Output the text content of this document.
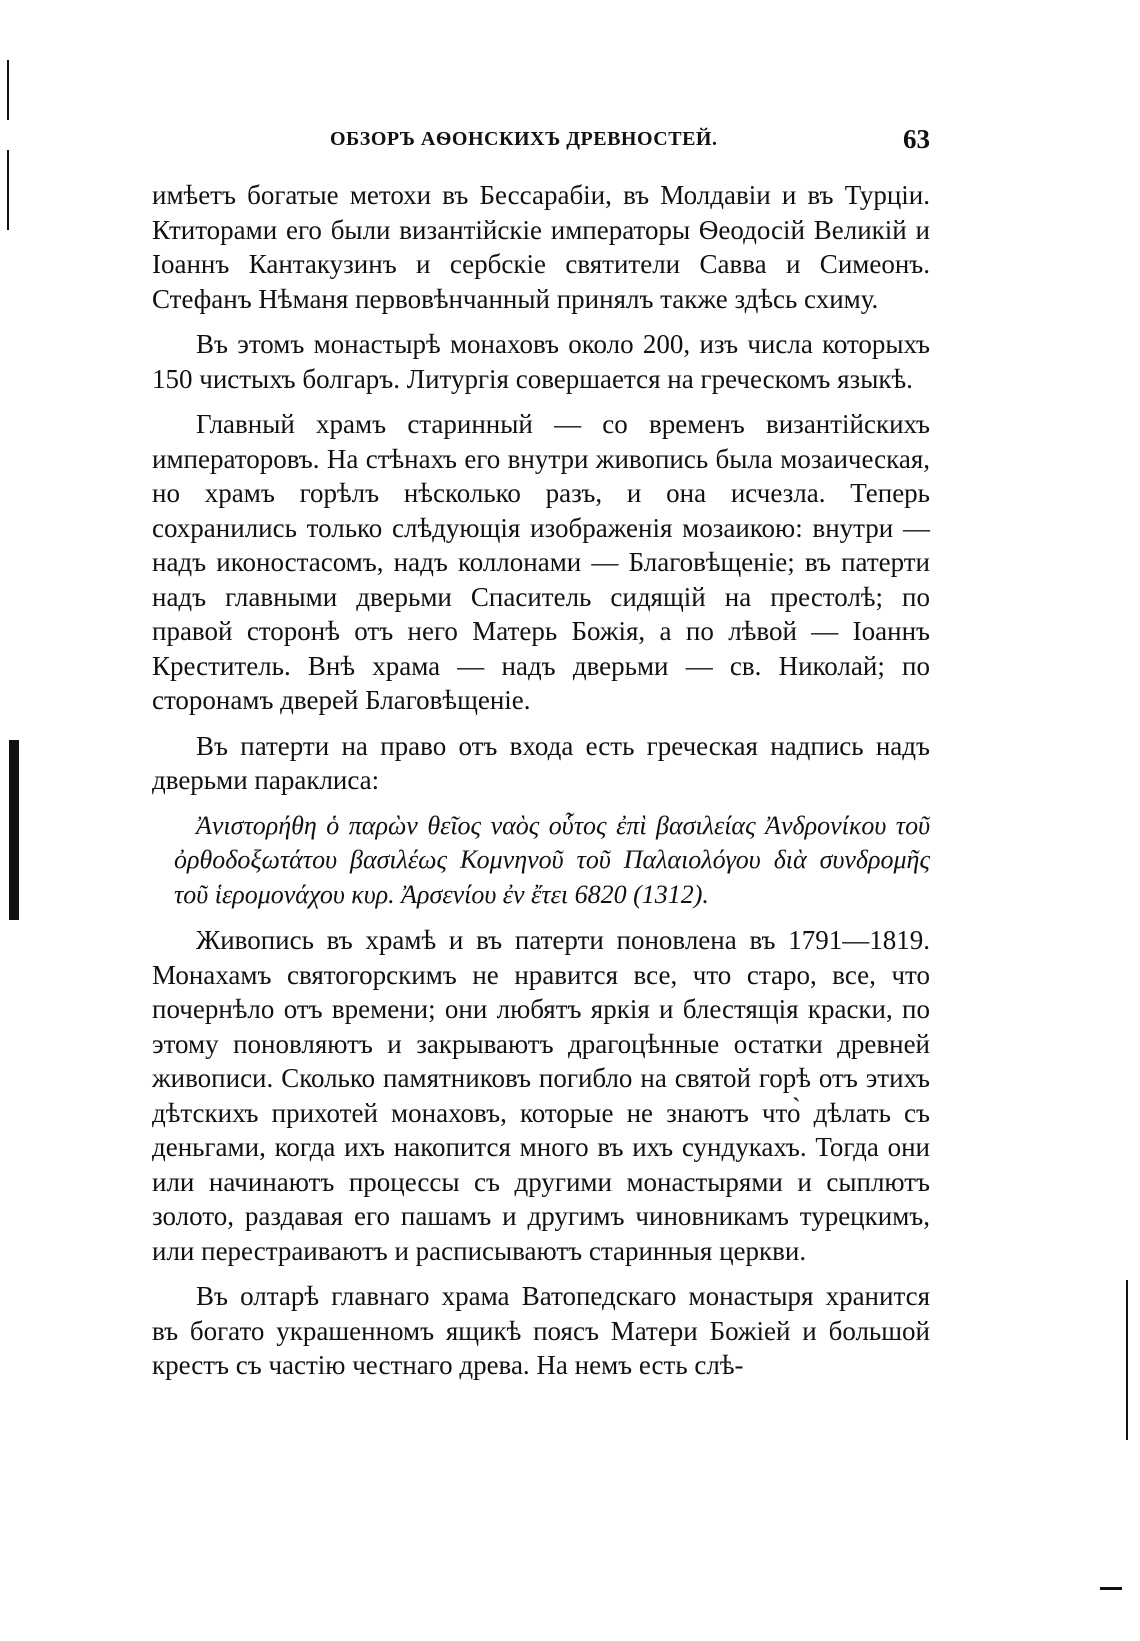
ОБЗОРЪ АѲОНСКИХЪ ДРЕВНОСТЕЙ.	63

имѣетъ богатые метохи въ Бессарабіи, въ Молдавіи и въ Турціи. Ктиторами его были византійскіе императоры Ѳеодосій Великій и Іоаннъ Кантакузинъ и сербскіе святители Савва и Симеонъ. Стефанъ Нѣманя первовѣнчанный принялъ также здѣсь схиму.

Въ этомъ монастырѣ монаховъ около 200, изъ числа которыхъ 150 чистыхъ болгаръ. Литургія совершается на греческомъ языкѣ.

Главный храмъ старинный — со временъ византійскихъ императоровъ. На стѣнахъ его внутри живопись была мозаическая, но храмъ горѣлъ нѣсколько разъ, и она исчезла. Теперь сохранились только слѣдующія изображенія мозаикою: внутри — надъ иконостасомъ, надъ коллонами — Благовѣщеніе; въ патерти надъ главными дверьми Спаситель сидящій на престолѣ; по правой сторонѣ отъ него Матерь Божія, а по лѣвой — Іоаннъ Креститель. Внѣ храма — надъ дверьми — св. Николай; по сторонамъ дверей Благовѣщеніе.

Въ патерти на право отъ входа есть греческая надпись надъ дверьми параклиса:

Ἀνιστορήθη ὁ παρὼν θεῖος ναὸς οὗτος ἐπὶ βασιλείας Ἀνδρονίκου τοῦ ὀρθοδοξωτάτου βασιλέως Κομνηνοῦ τοῦ Παλαιολόγου διὰ συνδρομῆς τοῦ ἱερομονάχου κυρ. Ἀρσενίου ἐν ἔτει 6820 (1312).

Живопись въ храмѣ и въ патерти поновлена въ 1791—1819. Монахамъ святогорскимъ не нравится все, что старо, все, что почернѣло отъ времени; они любятъ яркія и блестящія краски, по этому поновляютъ и закрываютъ драгоцѣнные остатки древней живописи. Сколько памятниковъ погибло на святой горѣ отъ этихъ дѣтскихъ прихотей монаховъ, которые не знаютъ что̀ дѣлать съ деньгами, когда ихъ накопится много въ ихъ сундукахъ. Тогда они или начинаютъ процессы съ другими монастырями и сыплютъ золото, раздавая его пашамъ и другимъ чиновникамъ турецкимъ, или перестраиваютъ и расписываютъ старинныя церкви.

Въ олтарѣ главнаго храма Ватопедскаго монастыря хранится въ богато украшенномъ ящикѣ поясъ Матери Божіей и большой крестъ съ частію честнаго древа. На немъ есть слѣ-
